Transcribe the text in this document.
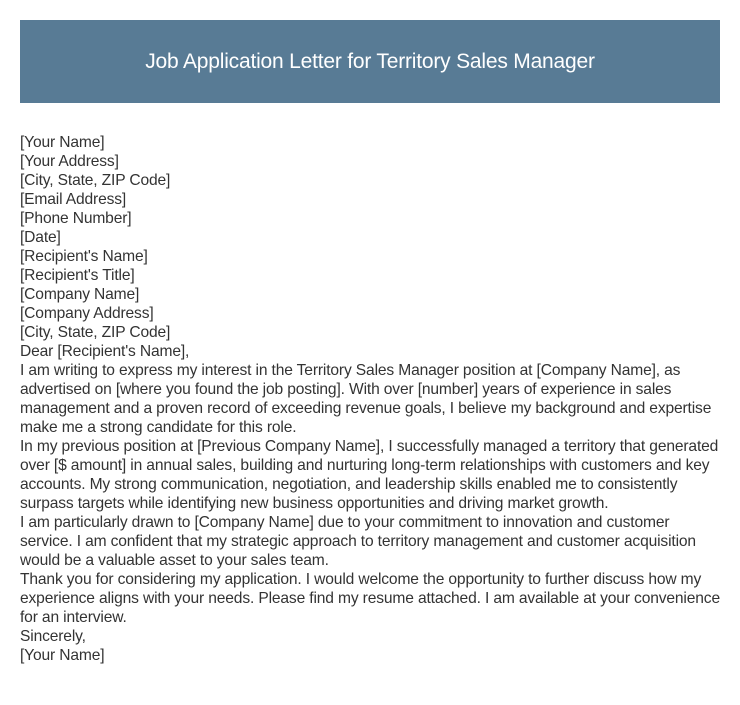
Job Application Letter for Territory Sales Manager

[Your Name]

[Your Address]

[City, State, ZIP Code]

[Email Address]

[Phone Number]

[Date]

[Recipient's Name]

[Recipient's Title]

[Company Name]

[Company Address]

[City, State, ZIP Code]

Dear [Recipient's Name],

I am writing to express my interest in the Territory Sales Manager position at [Company Name], as advertised on [where you found the job posting]. With over [number] years of experience in sales management and a proven record of exceeding revenue goals, I believe my background and expertise make me a strong candidate for this role.

In my previous position at [Previous Company Name], I successfully managed a territory that generated over [$ amount] in annual sales, building and nurturing long-term relationships with customers and key accounts. My strong communication, negotiation, and leadership skills enabled me to consistently surpass targets while identifying new business opportunities and driving market growth.

I am particularly drawn to [Company Name] due to your commitment to innovation and customer service. I am confident that my strategic approach to territory management and customer acquisition would be a valuable asset to your sales team.

Thank you for considering my application. I would welcome the opportunity to further discuss how my experience aligns with your needs. Please find my resume attached. I am available at your convenience for an interview.

Sincerely,

[Your Name]
